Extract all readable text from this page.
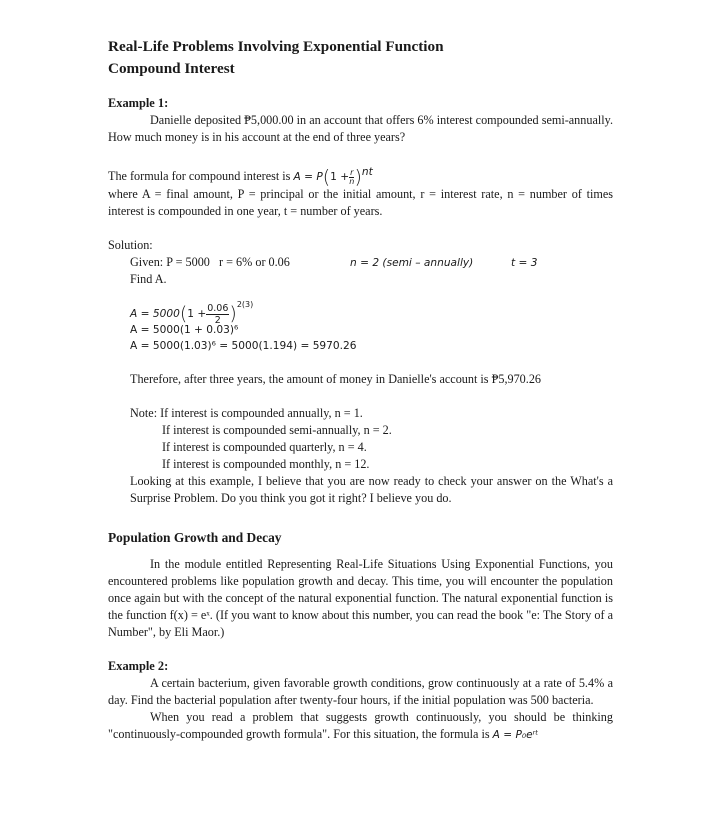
Real-Life Problems Involving Exponential Function

Compound Interest

Example 1:

Danielle deposited ₱5,000.00 in an account that offers 6% interest compounded semi-annually. How much money is in his account at the end of three years?

The formula for compound interest is $A = P(1 + \frac{r}{n} )^{nt}$

where A = final amount, P = principal or the initial amount, r = interest rate, n = number of times interest is compounded in one year, t = number of years.

Solution:
Given: P = 5000   r = 6% or 0.06	n = 2 (semi – annually)	t = 3
Find A.
$A = 5000(1 + \frac{0.06}{2} )^{2(3)}$
A = 5000(1 + 0.03)⁶
A = 5000(1.03)⁶ = 5000(1.194) = 5970.26

Therefore, after three years, the amount of money in Danielle's account is ₱5,970.26

Note: If interest is compounded annually, n = 1.
If interest is compounded semi-annually, n = 2.
If interest is compounded quarterly, n = 4.
If interest is compounded monthly, n = 12.

Looking at this example, I believe that you are now ready to check your answer on the What's a Surprise Problem. Do you think you got it right? I believe you do.

Population Growth and Decay

In the module entitled Representing Real-Life Situations Using Exponential Functions, you encountered problems like population growth and decay. This time, you will encounter the population once again but with the concept of the natural exponential function. The natural exponential function is the function f(x) = eˣ. (If you want to know about this number, you can read the book "e: The Story of a Number", by Eli Maor.)

Example 2:

A certain bacterium, given favorable growth conditions, grow continuously at a rate of 5.4% a day. Find the bacterial population after twenty-four hours, if the initial population was 500 bacteria.

When you read a problem that suggests growth continuously, you should be thinking "continuously-compounded growth formula". For this situation, the formula is A = P₀eʳᵗ
